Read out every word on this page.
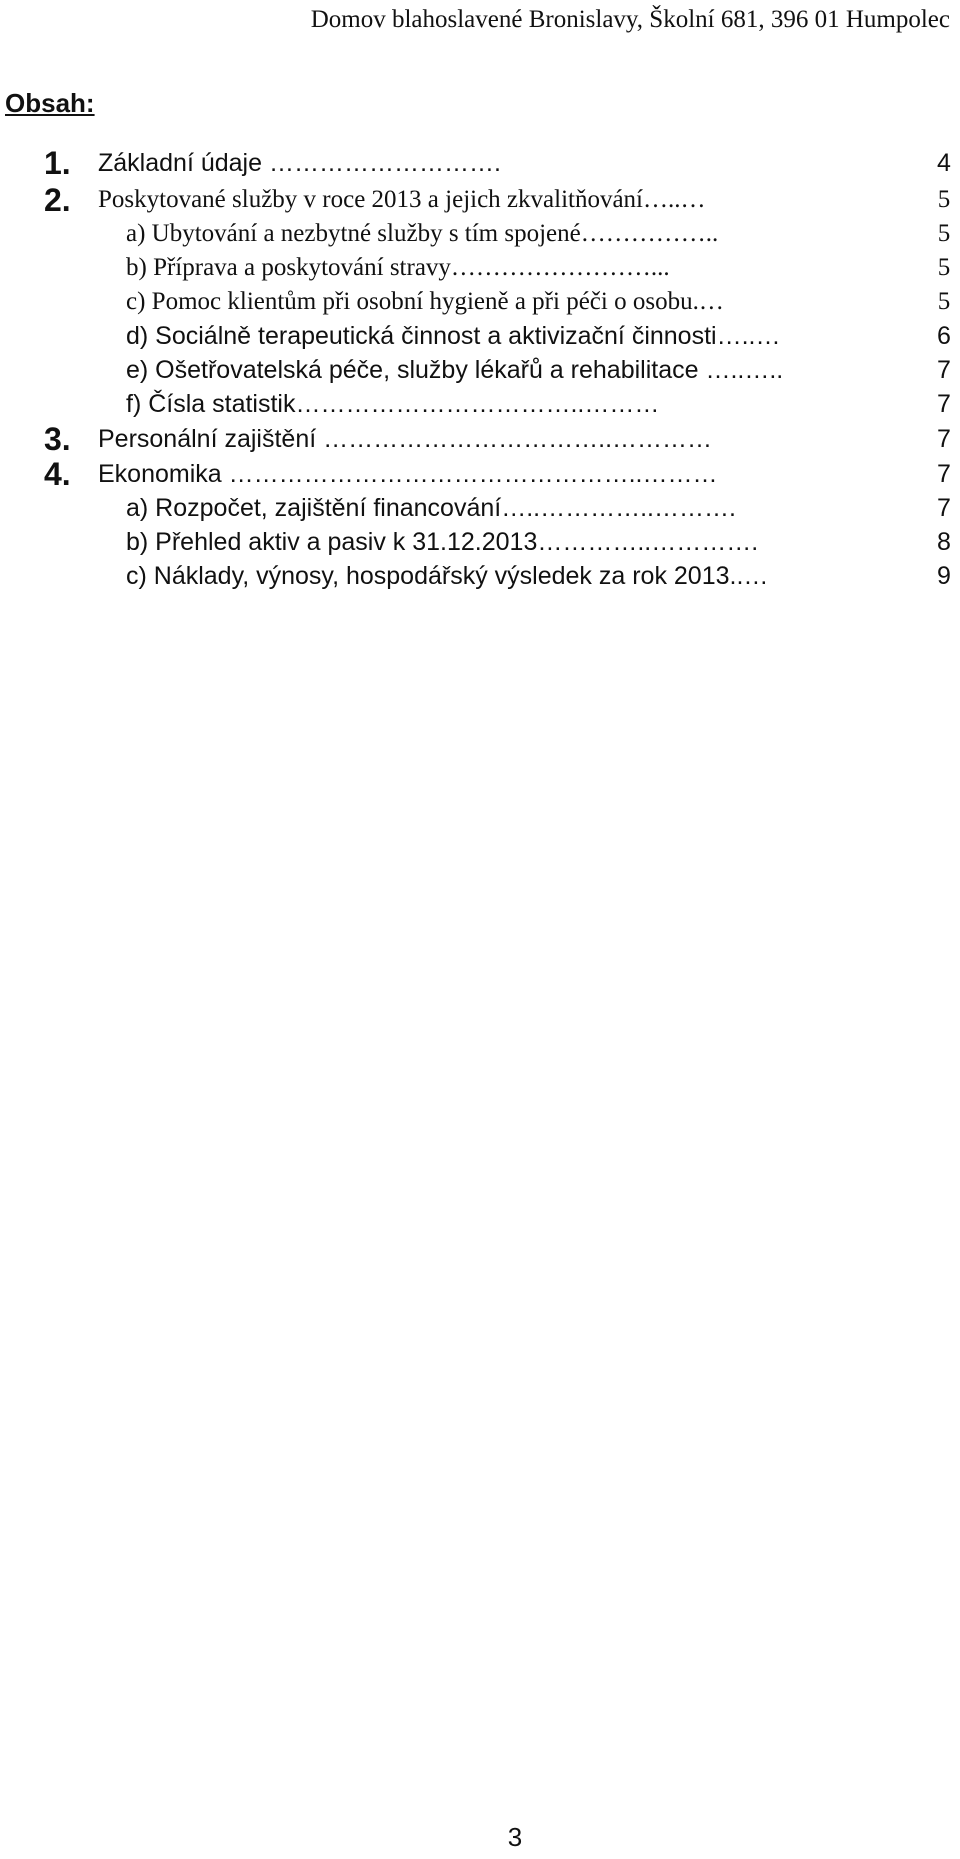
Domov blahoslavené Bronislavy, Školní 681, 396 01 Humpolec
Obsah:
1. Základní údaje ……………………….	4
2. Poskytované služby v roce 2013 a jejich zkvalitňování…..…	5
a) Ubytování a nezbytné služby s tím spojené……………..	5
b) Příprava a poskytování stravy……………………...	5
c) Pomoc klientům při osobní hygieně a při péči o osobu.…	5
d) Sociálně terapeutická činnost a aktivizační činnosti…..…	6
e) Ošetřovatelská péče, služby lékařů a rehabilitace …..…..	7
f) Čísla statistik……………………………..………	7
3. Personální zajištění ……………………………..…………	7
4. Ekonomika …………………………………………..………	7
a) Rozpočet, zajištění financování…..…………..……….	7
b) Přehled aktiv a pasiv k 31.12.2013…………..………….	8
c) Náklady, výnosy, hospodářský výsledek za rok 2013..…	9
3
